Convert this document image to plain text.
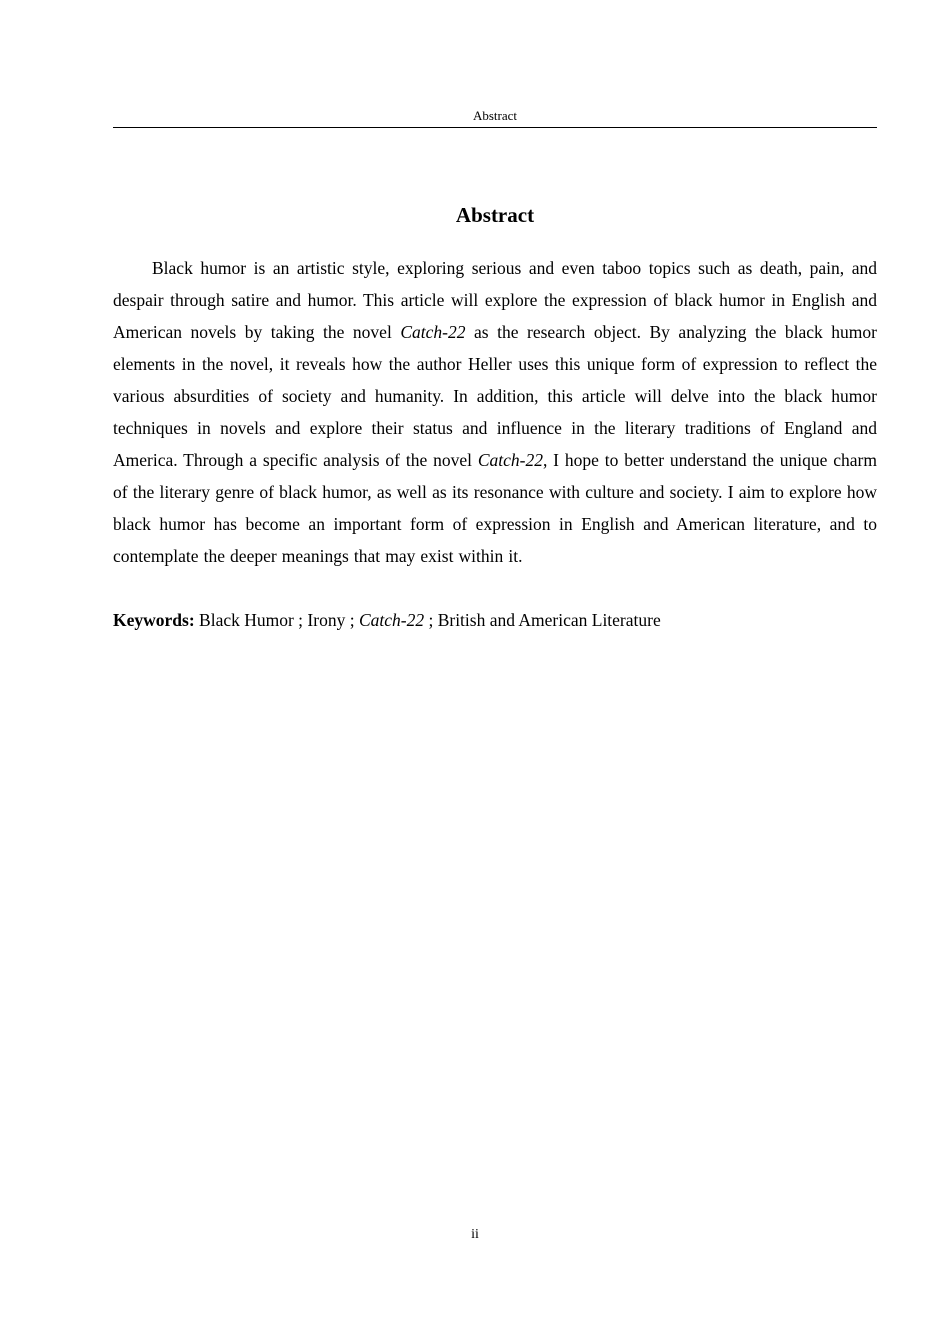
Abstract
Abstract

Black humor is an artistic style, exploring serious and even taboo topics such as death, pain, and despair through satire and humor. This article will explore the expression of black humor in English and American novels by taking the novel Catch-22 as the research object. By analyzing the black humor elements in the novel, it reveals how the author Heller uses this unique form of expression to reflect the various absurdities of society and humanity. In addition, this article will delve into the black humor techniques in novels and explore their status and influence in the literary traditions of England and America. Through a specific analysis of the novel Catch-22, I hope to better understand the unique charm of the literary genre of black humor, as well as its resonance with culture and society. I aim to explore how black humor has become an important form of expression in English and American literature, and to contemplate the deeper meanings that may exist within it.

Keywords: Black Humor ; Irony ; Catch-22 ; British and American Literature

ii
